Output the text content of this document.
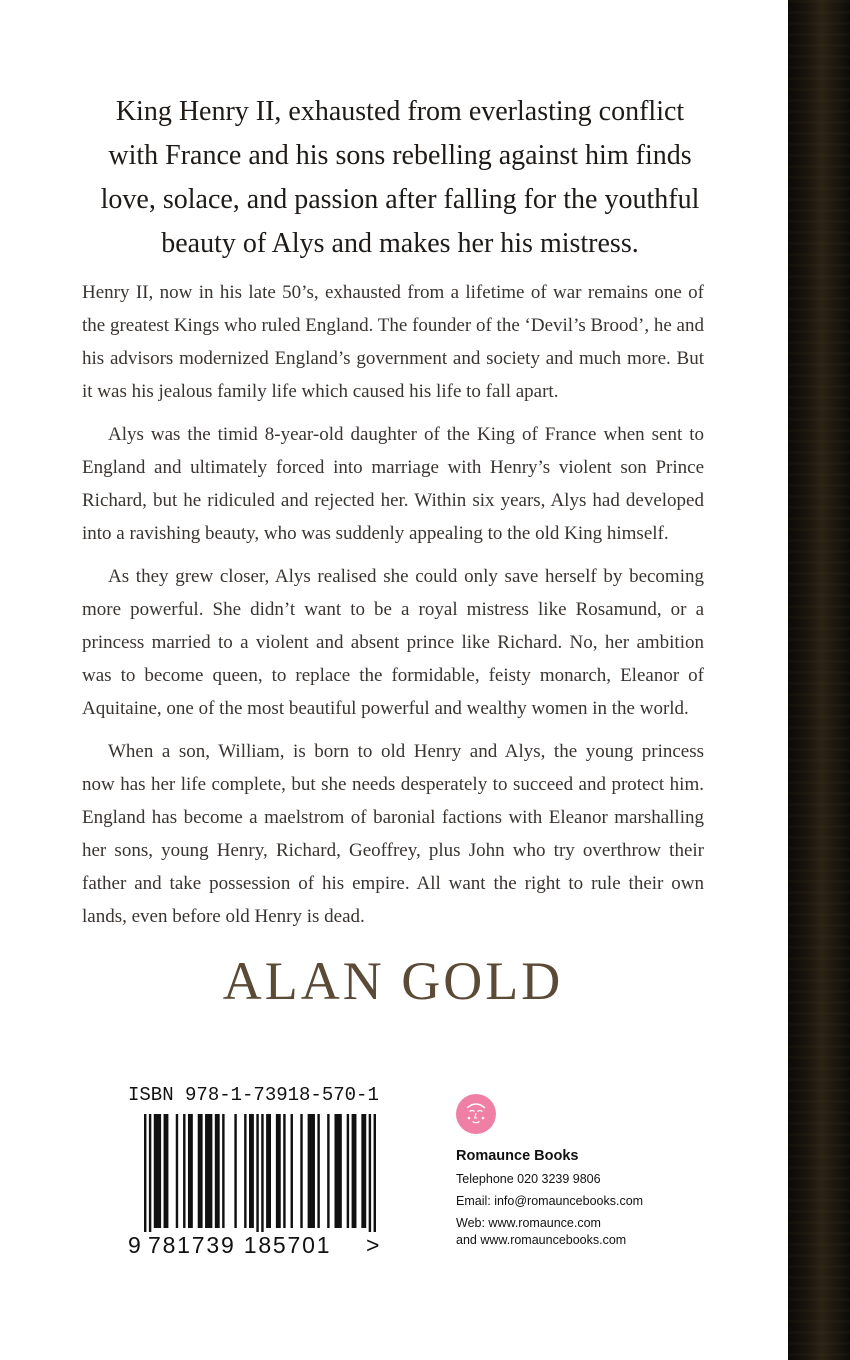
King Henry II, exhausted from everlasting conflict
with France and his sons rebelling against him finds
love, solace, and passion after falling for the youthful
beauty of Alys and makes her his mistress.
Henry II, now in his late 50’s, exhausted from a lifetime of war remains one of
the greatest Kings who ruled England. The founder of the ‘Devil’s Brood’, he and
his advisors modernized England’s government and society and much more. But
it was his jealous family life which caused his life to fall apart.
Alys was the timid 8-year-old daughter of the King of France when sent to
England and ultimately forced into marriage with Henry’s violent son Prince
Richard, but he ridiculed and rejected her. Within six years, Alys had developed
into a ravishing beauty, who was suddenly appealing to the old King himself.
As they grew closer, Alys realised she could only save herself by becoming
more powerful. She didn’t want to be a royal mistress like Rosamund, or a
princess married to a violent and absent prince like Richard. No, her ambition
was to become queen, to replace the formidable, feisty monarch, Eleanor of
Aquitaine, one of the most beautiful powerful and wealthy women in the world.
When a son, William, is born to old Henry and Alys, the young princess
now has her life complete, but she needs desperately to succeed and protect him.
England has become a maelstrom of baronial factions with Eleanor marshalling
her sons, young Henry, Richard, Geoffrey, plus John who try overthrow their
father and take possession of his empire. All want the right to rule their own
lands, even before old Henry is dead.
ALAN GOLD
ISBN 978-1-73918-570-1
9 781739 185701	>
Romaunce Books
Telephone 020 3239 9806
Email: info@romauncebooks.com
Web: www.romaunce.com
and www.romauncebooks.com
